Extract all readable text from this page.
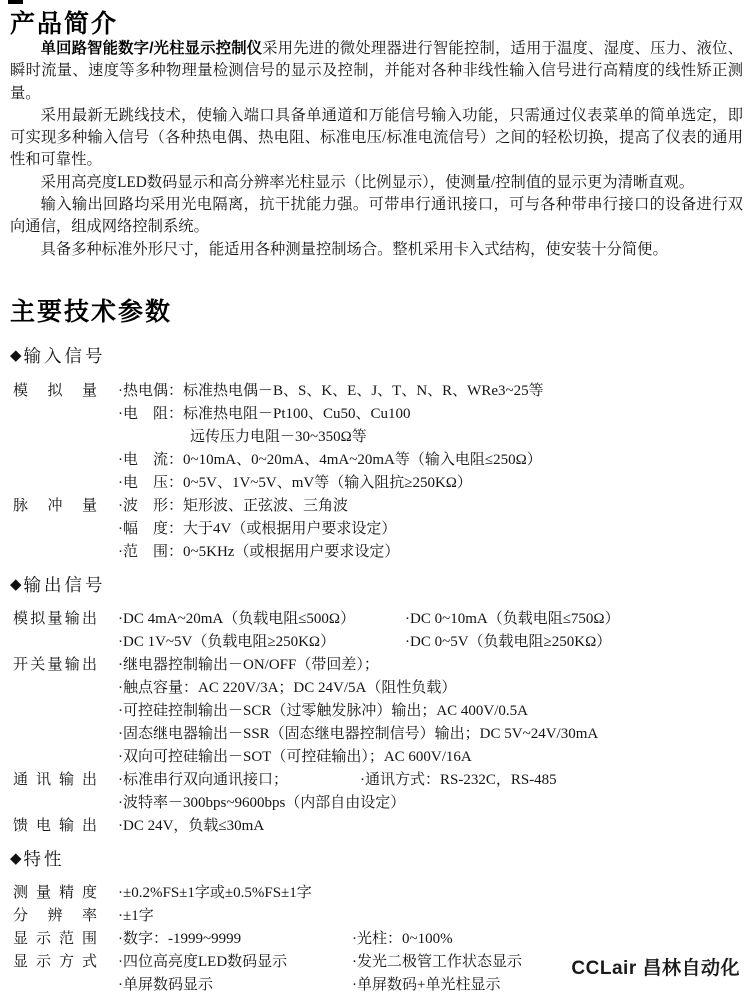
产品简介

单回路智能数字/光柱显示控制仪采用先进的微处理器进行智能控制，适用于温度、湿度、压力、液位、瞬时流量、速度等多种物理量检测信号的显示及控制，并能对各种非线性输入信号进行高精度的线性矫正测量。

采用最新无跳线技术，使输入端口具备单通道和万能信号输入功能，只需通过仪表菜单的简单选定，即可实现多种输入信号（各种热电偶、热电阻、标准电压/标准电流信号）之间的轻松切换，提高了仪表的通用性和可靠性。

采用高亮度LED数码显示和高分辨率光柱显示（比例显示），使测量/控制值的显示更为清晰直观。

输入输出回路均采用光电隔离，抗干扰能力强。可带串行通讯接口，可与各种带串行接口的设备进行双向通信，组成网络控制系统。

具备多种标准外形尺寸，能适用各种测量控制场合。整机采用卡入式结构，使安装十分简便。

主要技术参数
◆ 输入信号
模拟量 ·热电偶：标准热电偶－B、S、K、E、J、T、N、R、WRe3~25等
·电　阻：标准热电阻－Pt100、Cu50、Cu100
远传压力电阻－30~350Ω等
·电　流：0~10mA、0~20mA、4mA~20mA等（输入电阻≤250Ω）
·电　压：0~5V、1V~5V、mV等（输入阻抗≥250KΩ）
脉冲量 ·波　形：矩形波、正弦波、三角波
·幅　度：大于4V（或根据用户要求设定）
·范　围：0~5KHz（或根据用户要求设定）
◆ 输出信号
模拟量输出 ·DC 4mA~20mA（负载电阻≤500Ω）	·DC 0~10mA（负载电阻≤750Ω）
·DC 1V~5V（负载电阻≥250KΩ）	·DC 0~5V（负载电阻≥250KΩ）
开关量输出 ·继电器控制输出－ON/OFF（带回差）；
·触点容量：AC 220V/3A；DC 24V/5A（阻性负载）
·可控硅控制输出－SCR（过零触发脉冲）输出；AC 400V/0.5A
·固态继电器输出－SSR（固态继电器控制信号）输出；DC 5V~24V/30mA
·双向可控硅输出－SOT（可控硅输出）；AC 600V/16A
通讯输出 ·标准串行双向通讯接口；	·通讯方式：RS-232C，RS-485
·波特率－300bps~9600bps（内部自由设定）
馈电输出 ·DC 24V，负载≤30mA
◆ 特性
测量精度 ·±0.2%FS±1字或±0.5%FS±1字
分辨率 ·±1字
显示范围 ·数字：-1999~9999	·光柱：0~100%
显示方式 ·四位高亮度LED数码显示	·发光二极管工作状态显示
·单屏数码显示	·单屏数码+单光柱显示
CCLair 昌林自动化
